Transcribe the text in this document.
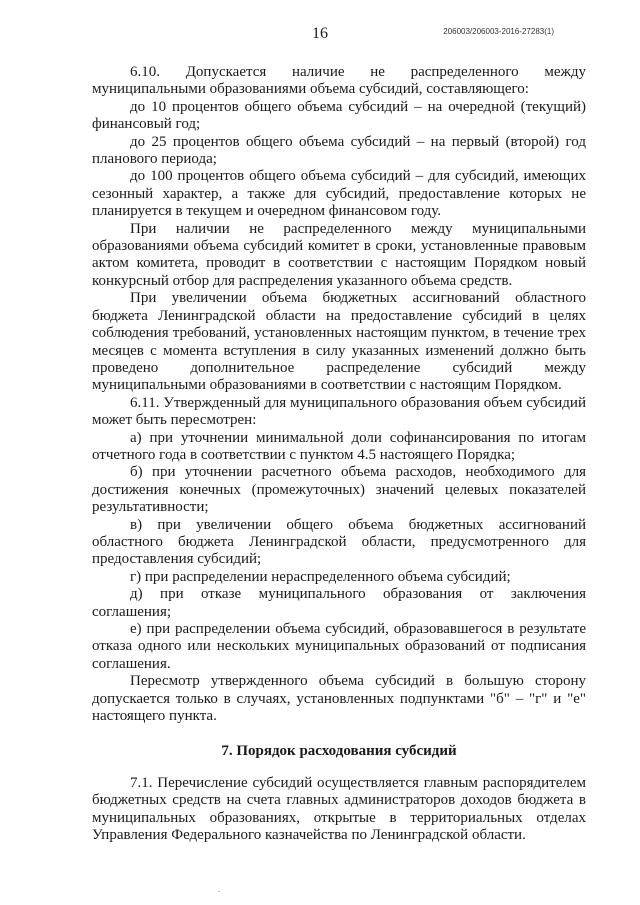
16	206003/206003-2016-27283(1)

6.10. Допускается наличие не распределенного между муниципальными образованиями объема субсидий, составляющего:

до 10 процентов общего объема субсидий – на очередной (текущий) финансовый год;

до 25 процентов общего объема субсидий – на первый (второй) год планового периода;

до 100 процентов общего объема субсидий – для субсидий, имеющих сезонный характер, а также для субсидий, предоставление которых не планируется в текущем и очередном финансовом году.

При наличии не распределенного между муниципальными образованиями объема субсидий комитет в сроки, установленные правовым актом комитета, проводит в соответствии с настоящим Порядком новый конкурсный отбор для распределения указанного объема средств.

При увеличении объема бюджетных ассигнований областного бюджета Ленинградской области на предоставление субсидий в целях соблюдения требований, установленных настоящим пунктом, в течение трех месяцев с момента вступления в силу указанных изменений должно быть проведено дополнительное распределение субсидий между муниципальными образованиями в соответствии с настоящим Порядком.

6.11. Утвержденный для муниципального образования объем субсидий может быть пересмотрен:

а) при уточнении минимальной доли софинансирования по итогам отчетного года в соответствии с пунктом 4.5 настоящего Порядка;

б) при уточнении расчетного объема расходов, необходимого для достижения конечных (промежуточных) значений целевых показателей результативности;

в) при увеличении общего объема бюджетных ассигнований областного бюджета Ленинградской области, предусмотренного для предоставления субсидий;

г) при распределении нераспределенного объема субсидий;

д) при отказе муниципального образования от заключения соглашения;

е) при распределении объема субсидий, образовавшегося в результате отказа одного или нескольких муниципальных образований от подписания соглашения.

Пересмотр утвержденного объема субсидий в большую сторону допускается только в случаях, установленных подпунктами "б" – "г" и "е" настоящего пункта.

7. Порядок расходования субсидий

7.1. Перечисление субсидий осуществляется главным распорядителем бюджетных средств на счета главных администраторов доходов бюджета в муниципальных образованиях, открытые в территориальных отделах Управления Федерального казначейства по Ленинградской области.

.
